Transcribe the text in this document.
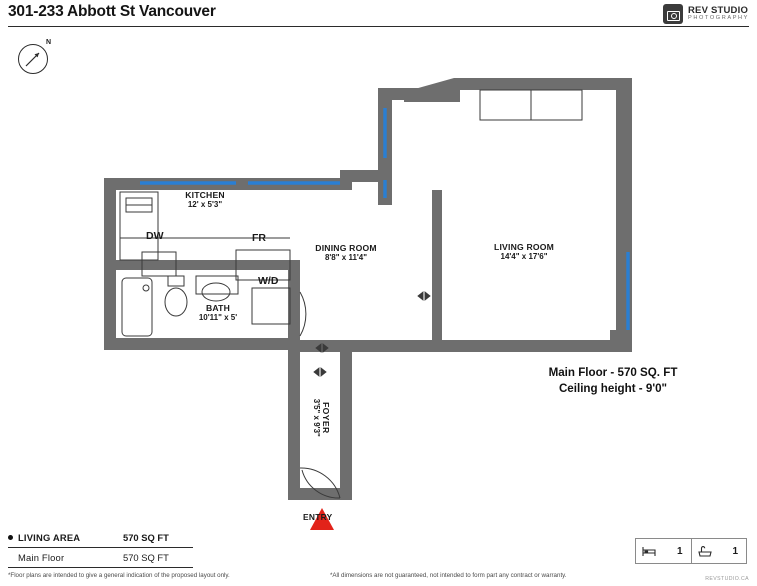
301-233 Abbott St Vancouver	REV STUDIO
PHOTOGRAPHY
N
KITCHEN
12' x 5'3"
DINING ROOM
8'8" x 11'4"
LIVING ROOM
14'4" x 17'6"
BATH
10'11" x 5'
FOYER
3'5" x 9'3"
DW	FR
W/D
ENTRY
Main Floor - 570 SQ. FT
Ceiling height - 9'0"
LIVING AREA	570 SQ FT
Main Floor	570 SQ FT
1	1
*Floor plans are intended to give a general indication of the proposed layout only.	*All dimensions are not guaranteed, not intended to form part any contract or warranty.	REVSTUDIO.CA
